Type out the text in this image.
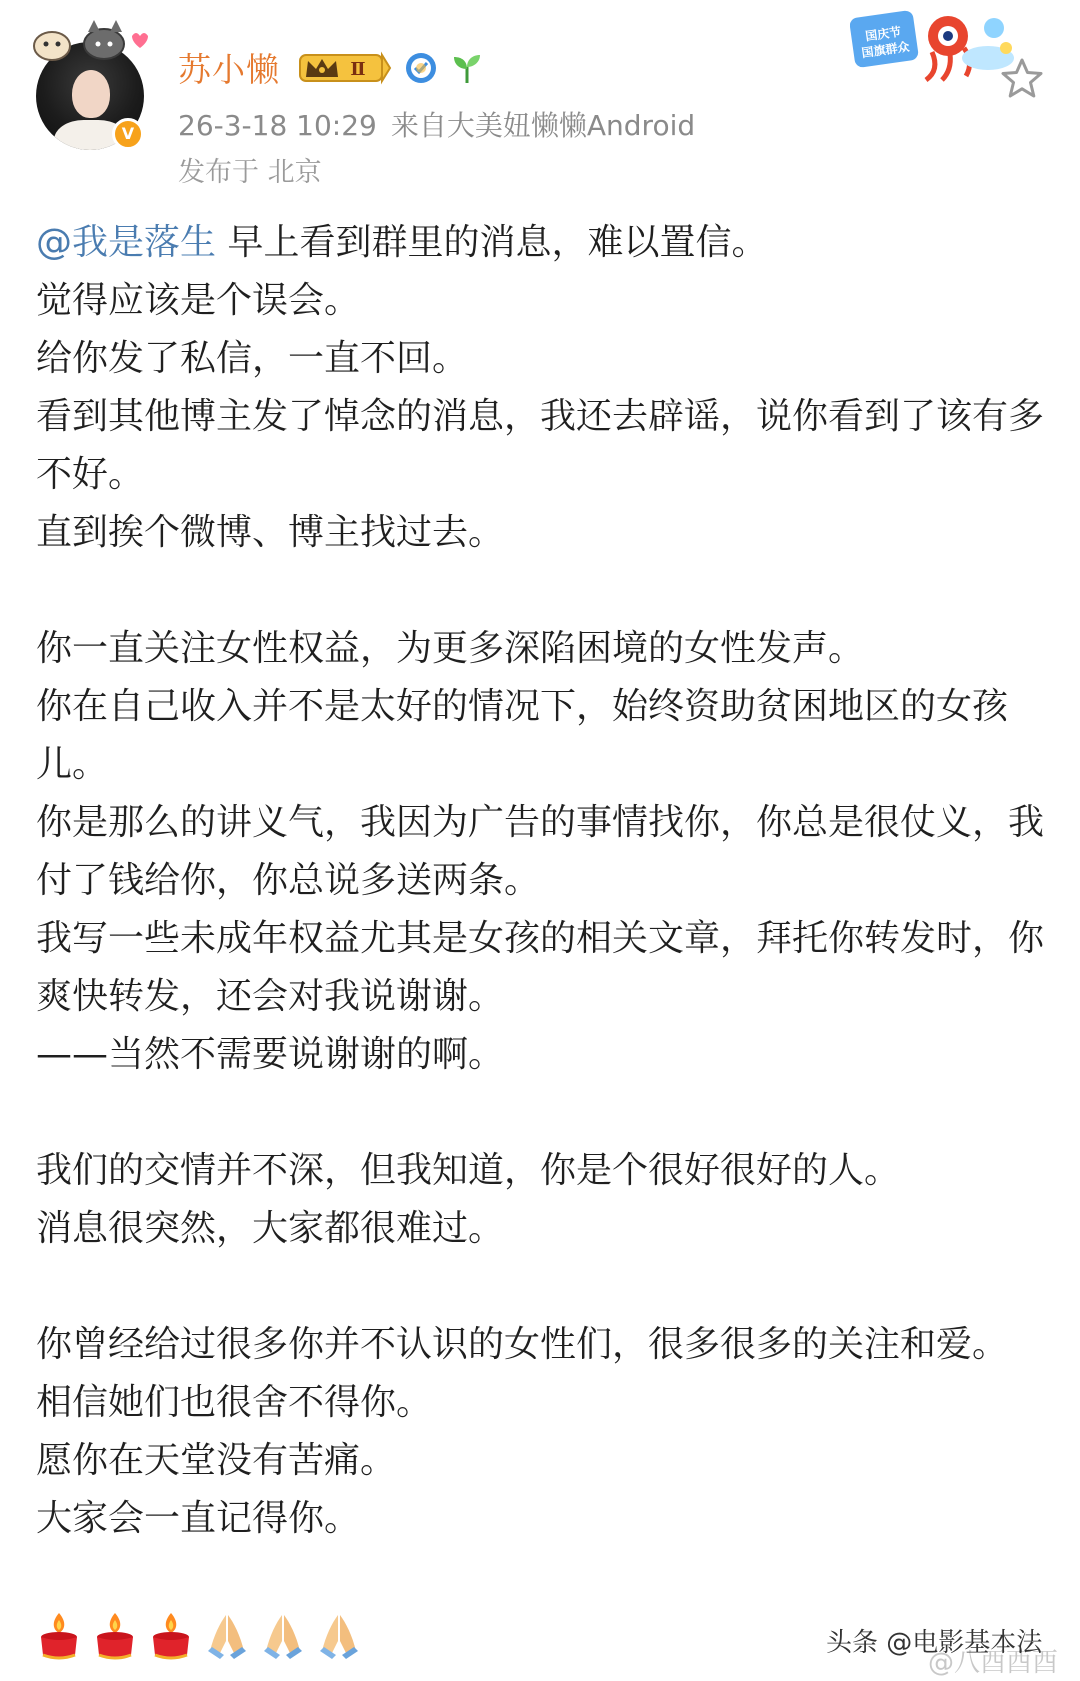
V
苏小懒	Ⅱ
26-3-18 10:29 来自大美妞懒懒Android
发布于 北京
国庆节
国旗群众

@我是落生 早上看到群里的消息，难以置信。

觉得应该是个误会。

给你发了私信，一直不回。

看到其他博主发了悼念的消息，我还去辟谣，说你看到了该有多不好。

直到挨个微博、博主找过去。

你一直关注女性权益，为更多深陷困境的女性发声。

你在自己收入并不是太好的情况下，始终资助贫困地区的女孩儿。

你是那么的讲义气，我因为广告的事情找你，你总是很仗义，我付了钱给你，你总说多送两条。

我写一些未成年权益尤其是女孩的相关文章，拜托你转发时，你爽快转发，还会对我说谢谢。

——当然不需要说谢谢的啊。

我们的交情并不深，但我知道，你是个很好很好的人。

消息很突然，大家都很难过。

你曾经给过很多你并不认识的女性们，很多很多的关注和爱。

相信她们也很舍不得你。

愿你在天堂没有苦痛。

大家会一直记得你。

@八酉酉酉
头条 @电影基本法
